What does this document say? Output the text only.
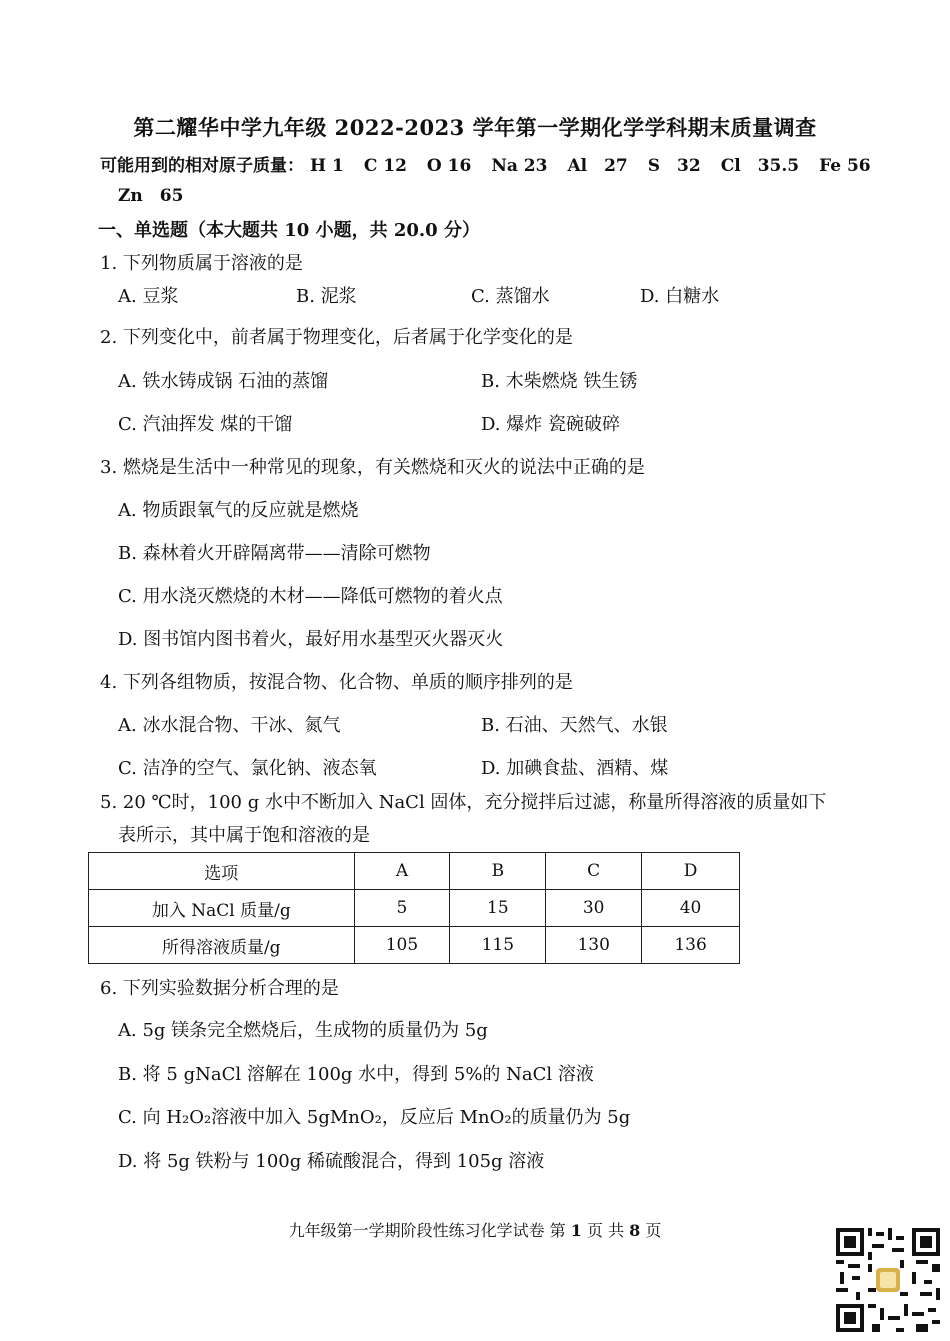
第二耀华中学九年级 2022-2023 学年第一学期化学学科期末质量调查
可能用到的相对原子质量： H 1 C 12 O 16 Na 23 Al　27 S　32 Cl　35.5 Fe 56
Zn　65
一、单选题（本大题共 10 小题，共 20.0 分）
1. 下列物质属于溶液的是
A. 豆浆	B. 泥浆	C. 蒸馏水	D. 白糖水
2. 下列变化中，前者属于物理变化，后者属于化学变化的是
A. 铁水铸成锅 石油的蒸馏	B. 木柴燃烧 铁生锈
C. 汽油挥发 煤的干馏	D. 爆炸 瓷碗破碎
3. 燃烧是生活中一种常见的现象，有关燃烧和灭火的说法中正确的是
A. 物质跟氧气的反应就是燃烧
B. 森林着火开辟隔离带——清除可燃物
C. 用水浇灭燃烧的木材——降低可燃物的着火点
D. 图书馆内图书着火，最好用水基型灭火器灭火
4. 下列各组物质，按混合物、化合物、单质的顺序排列的是
A. 冰水混合物、干冰、氮气	B. 石油、天然气、水银
C. 洁净的空气、氯化钠、液态氧	D. 加碘食盐、酒精、煤
5. 20 ℃时，100 g 水中不断加入 NaCl 固体，充分搅拌后过滤，称量所得溶液的质量如下
表所示，其中属于饱和溶液的是
选项	A	B	C	D
加入 NaCl 质量/g	5	15	30	40
所得溶液质量/g	105	115	130	136
6. 下列实验数据分析合理的是
A. 5g 镁条完全燃烧后，生成物的质量仍为 5g
B. 将 5 gNaCl 溶解在 100g 水中，得到 5%的 NaCl 溶液
C. 向 H₂O₂溶液中加入 5gMnO₂，反应后 MnO₂的质量仍为 5g
D. 将 5g 铁粉与 100g 稀硫酸混合，得到 105g 溶液
九年级第一学期阶段性练习化学试卷 第 1 页 共 8 页
